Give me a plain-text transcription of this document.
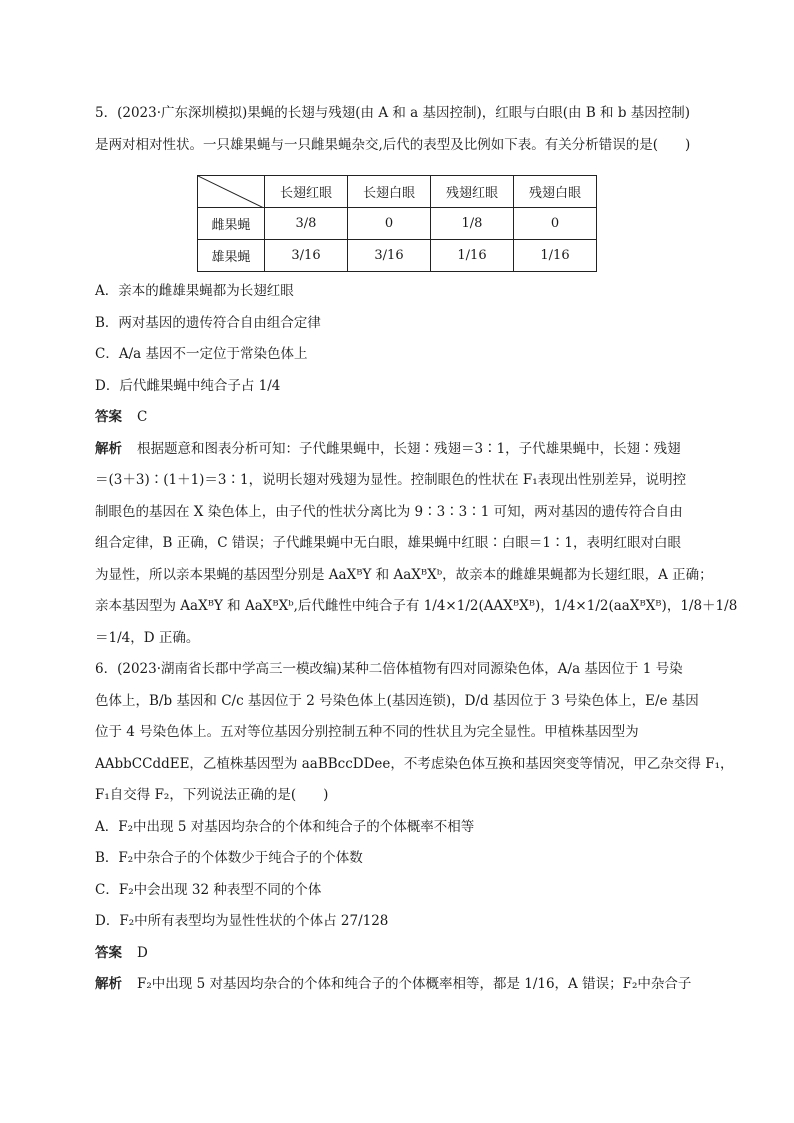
5．(2023·广东深圳模拟)果蝇的长翅与残翅(由 A 和 a 基因控制)，红眼与白眼(由 B 和 b 基因控制)
是两对相对性状。一只雄果蝇与一只雌果蝇杂交,后代的表型及比例如下表。有关分析错误的是(　　)
	长翅红眼	长翅白眼	残翅红眼	残翅白眼
雌果蝇	3/8	0	1/8	0
雄果蝇	3/16	3/16	1/16	1/16
A．亲本的雌雄果蝇都为长翅红眼
B．两对基因的遗传符合自由组合定律
C．A/a 基因不一定位于常染色体上
D．后代雌果蝇中纯合子占 1/4
答案 C
解析 根据题意和图表分析可知：子代雌果蝇中，长翅∶残翅＝3∶1，子代雄果蝇中，长翅∶残翅
＝(3＋3)∶(1＋1)＝3∶1，说明长翅对残翅为显性。控制眼色的性状在 F₁表现出性别差异，说明控
制眼色的基因在 X 染色体上，由子代的性状分离比为 9∶3∶3∶1 可知，两对基因的遗传符合自由
组合定律，B 正确，C 错误；子代雌果蝇中无白眼，雄果蝇中红眼∶白眼＝1∶1，表明红眼对白眼
为显性，所以亲本果蝇的基因型分别是 AaXᴮY 和 AaXᴮXᵇ，故亲本的雌雄果蝇都为长翅红眼，A 正确；
亲本基因型为 AaXᴮY 和 AaXᴮXᵇ,后代雌性中纯合子有 1/4×1/2(AAXᴮXᴮ)，1/4×1/2(aaXᴮXᴮ)，1/8＋1/8
＝1/4，D 正确。
6．(2023·湖南省长郡中学高三一模改编)某种二倍体植物有四对同源染色体，A/a 基因位于 1 号染
色体上，B/b 基因和 C/c 基因位于 2 号染色体上(基因连锁)，D/d 基因位于 3 号染色体上，E/e 基因
位于 4 号染色体上。五对等位基因分别控制五种不同的性状且为完全显性。甲植株基因型为
AAbbCCddEE，乙植株基因型为 aaBBccDDee，不考虑染色体互换和基因突变等情况，甲乙杂交得 F₁，
F₁自交得 F₂，下列说法正确的是(　　)
A．F₂中出现 5 对基因均杂合的个体和纯合子的个体概率不相等
B．F₂中杂合子的个体数少于纯合子的个体数
C．F₂中会出现 32 种表型不同的个体
D．F₂中所有表型均为显性性状的个体占 27/128
答案 D
解析 F₂中出现 5 对基因均杂合的个体和纯合子的个体概率相等，都是 1/16，A 错误；F₂中杂合子
